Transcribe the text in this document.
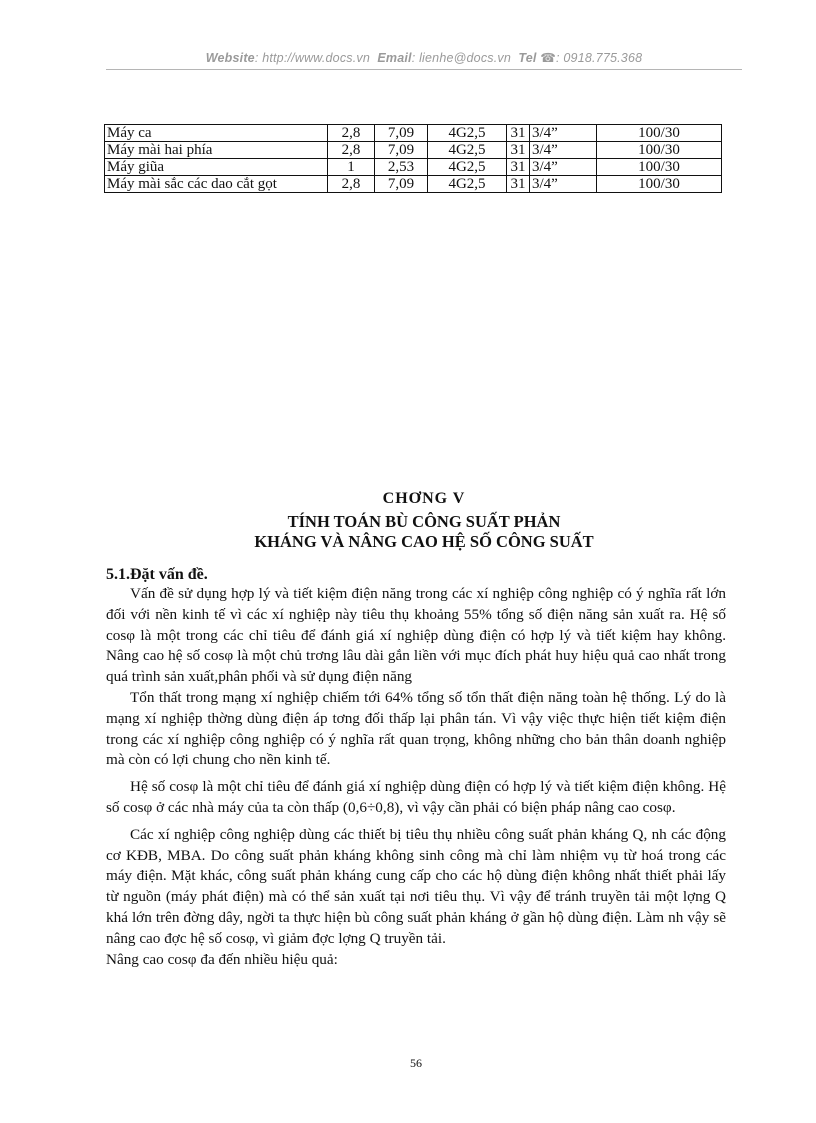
Website: http://www.docs.vn Email: lienhe@docs.vn Tel ☎: 0918.775.368
Máy ca	2,8	7,09	4G2,5	31	3/4”	100/30
Máy mài hai phía	2,8	7,09	4G2,5	31	3/4”	100/30
Máy giũa	1	2,53	4G2,5	31	3/4”	100/30
Máy mài sắc các dao cắt gọt	2,8	7,09	4G2,5	31	3/4”	100/30
CHƠNG V
TÍNH TOÁN BÙ CÔNG SUẤT PHẢN
KHÁNG VÀ NÂNG CAO HỆ SỐ CÔNG SUẤT
5.1.Đặt vấn đề.

Vấn đề sử dụng hợp lý và tiết kiệm điện năng trong các xí nghiệp công nghiệp có ý nghĩa rất lớn đối với nền kinh tế vì các xí nghiệp này tiêu thụ khoảng 55% tổng số điện năng sản xuất ra. Hệ số cosφ là một trong các chỉ tiêu để đánh giá xí nghiệp dùng điện có hợp lý và tiết kiệm hay không. Nâng cao hệ số cosφ là một chủ trơng lâu dài gắn liền với mục đích phát huy hiệu quả cao nhất trong quá trình sản xuất,phân phối và sử dụng điện năng

Tổn thất trong mạng xí nghiệp chiếm tới 64% tổng số tổn thất điện năng toàn hệ thống. Lý do là mạng xí nghiệp thờng dùng điện áp tơng đối thấp lại phân tán. Vì vậy việc thực hiện tiết kiệm điện trong các xí nghiệp công nghiệp có ý nghĩa rất quan trọng, không những cho bản thân doanh nghiệp mà còn có lợi chung cho nền kinh tế.

Hệ số cosφ là một chỉ tiêu để đánh giá xí nghiệp dùng điện có hợp lý và tiết kiệm điện không. Hệ số cosφ ở các nhà máy của ta còn thấp (0,6÷0,8), vì vậy cần phải có biện pháp nâng cao cosφ.

Các xí nghiệp công nghiệp dùng các thiết bị tiêu thụ nhiều công suất phản kháng Q, nh các động cơ KĐB, MBA. Do công suất phản kháng không sinh công mà chỉ làm nhiệm vụ từ hoá trong các máy điện. Mặt khác, công suất phản kháng cung cấp cho các hộ dùng điện không nhất thiết phải lấy từ nguồn (máy phát điện) mà có thể sản xuất tại nơi tiêu thụ. Vì vậy để tránh truyền tải một lợng Q khá lớn trên đờng dây, ngời ta thực hiện bù công suất phản kháng ở gần hộ dùng điện. Làm nh vậy sẽ nâng cao đợc hệ số cosφ, vì giảm đợc lợng Q truyền tải.

Nâng cao cosφ đa đến nhiều hiệu quả:

56
